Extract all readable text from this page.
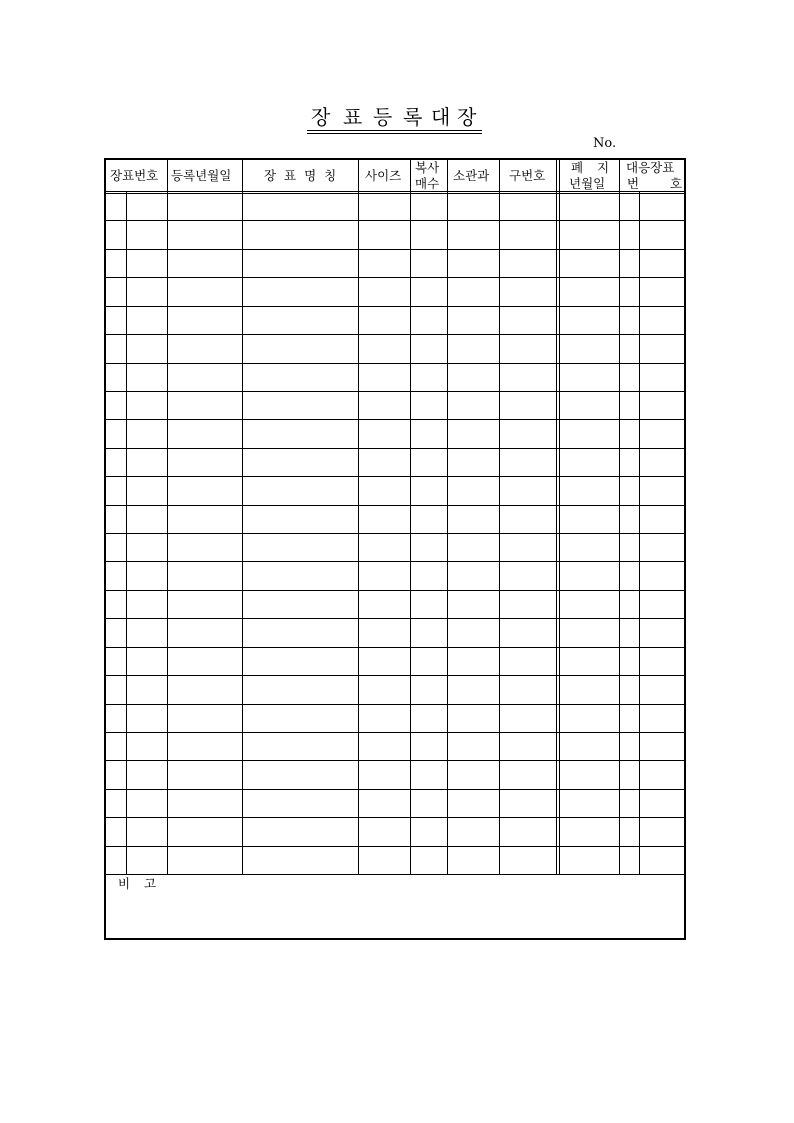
장 표 등 록 대 장
No.
장표번호 등록년월일	장 표 명 칭 사이즈
복사
매수
소관과 구번호
폐 지
년월일
대응장표
번 호
비 고
